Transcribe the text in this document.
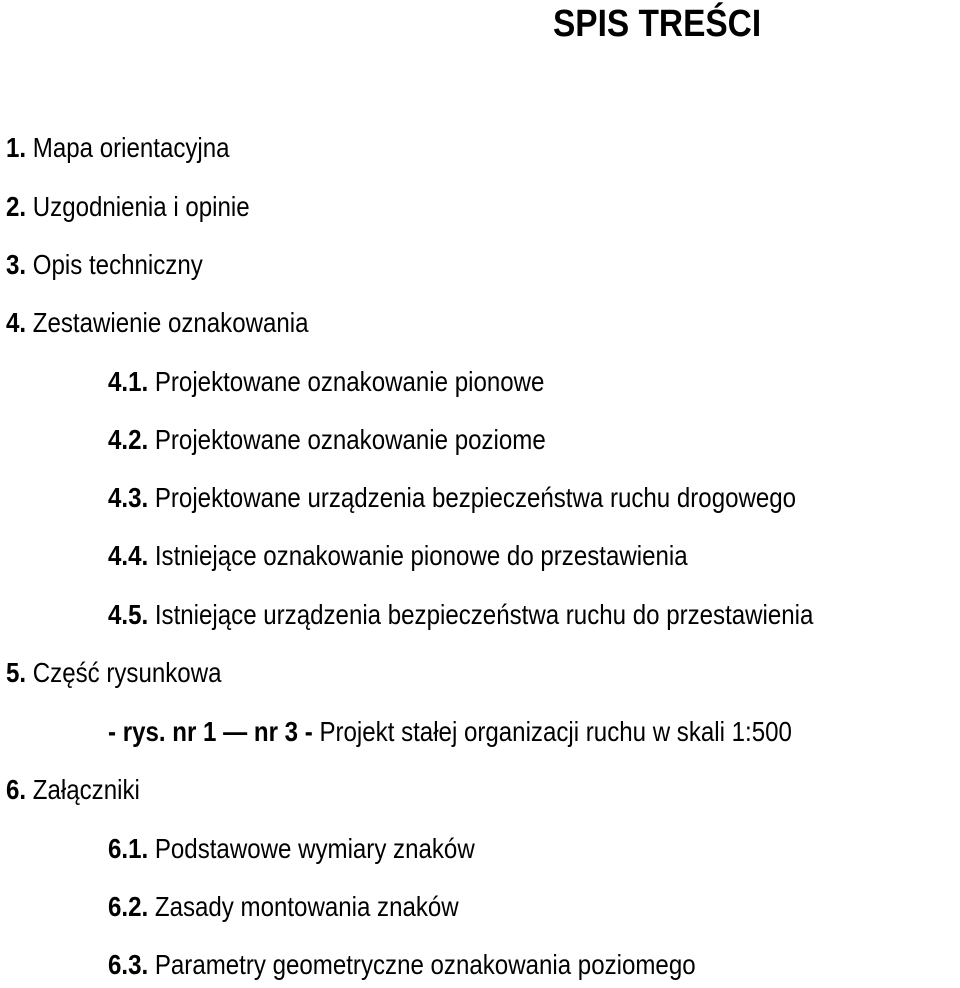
SPIS TREŚCI
1. Mapa orientacyjna
2. Uzgodnienia i opinie
3. Opis techniczny
4. Zestawienie oznakowania
4.1. Projektowane oznakowanie pionowe
4.2. Projektowane oznakowanie poziome
4.3. Projektowane urządzenia bezpieczeństwa ruchu drogowego
4.4. Istniejące oznakowanie pionowe do przestawienia
4.5. Istniejące urządzenia bezpieczeństwa ruchu do przestawienia
5. Część rysunkowa
- rys. nr 1 — nr 3 - Projekt stałej organizacji ruchu w skali 1:500
6. Załączniki
6.1. Podstawowe wymiary znaków
6.2. Zasady montowania znaków
6.3. Parametry geometryczne oznakowania poziomego
